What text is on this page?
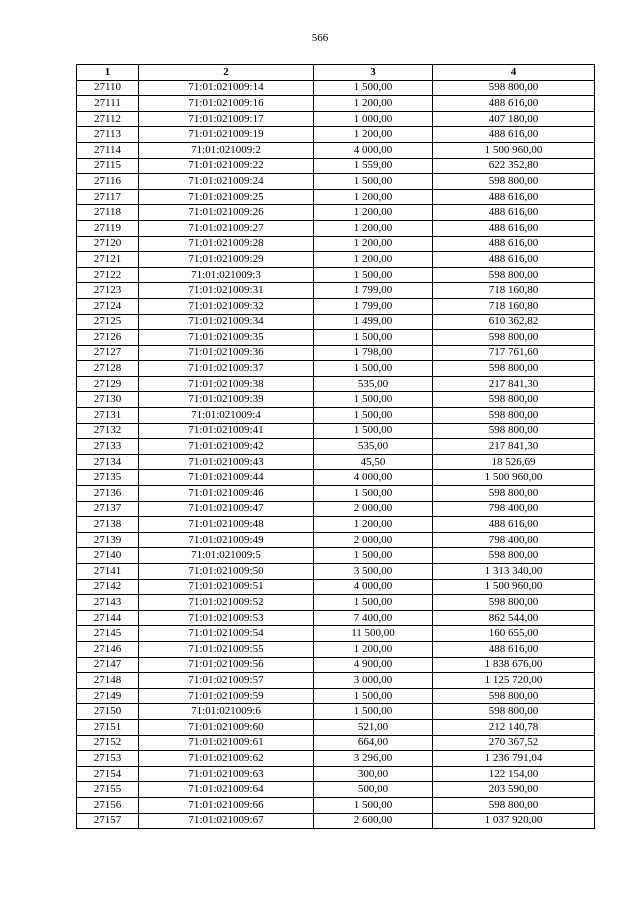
566
1	2	3	4
27110	71:01:021009:14	1 500,00	598 800,00
27111	71:01:021009:16	1 200,00	488 616,00
27112	71:01:021009:17	1 000,00	407 180,00
27113	71:01:021009:19	1 200,00	488 616,00
27114	71:01:021009:2	4 000,00	1 500 960,00
27115	71:01:021009:22	1 559,00	622 352,80
27116	71:01:021009:24	1 500,00	598 800,00
27117	71:01:021009:25	1 200,00	488 616,00
27118	71:01:021009:26	1 200,00	488 616,00
27119	71:01:021009:27	1 200,00	488 616,00
27120	71:01:021009:28	1 200,00	488 616,00
27121	71:01:021009:29	1 200,00	488 616,00
27122	71:01:021009:3	1 500,00	598 800,00
27123	71:01:021009:31	1 799,00	718 160,80
27124	71:01:021009:32	1 799,00	718 160,80
27125	71:01:021009:34	1 499,00	610 362,82
27126	71:01:021009:35	1 500,00	598 800,00
27127	71:01:021009:36	1 798,00	717 761,60
27128	71:01:021009:37	1 500,00	598 800,00
27129	71:01:021009:38	535,00	217 841,30
27130	71:01:021009:39	1 500,00	598 800,00
27131	71:01:021009:4	1 500,00	598 800,00
27132	71:01:021009:41	1 500,00	598 800,00
27133	71:01:021009:42	535,00	217 841,30
27134	71:01:021009:43	45,50	18 526,69
27135	71:01:021009:44	4 000,00	1 500 960,00
27136	71:01:021009:46	1 500,00	598 800,00
27137	71:01:021009:47	2 000,00	798 400,00
27138	71:01:021009:48	1 200,00	488 616,00
27139	71:01:021009:49	2 000,00	798 400,00
27140	71:01:021009:5	1 500,00	598 800,00
27141	71:01:021009:50	3 500,00	1 313 340,00
27142	71:01:021009:51	4 000,00	1 500 960,00
27143	71:01:021009:52	1 500,00	598 800,00
27144	71:01:021009:53	7 400,00	862 544,00
27145	71:01:021009:54	11 500,00	160 655,00
27146	71:01:021009:55	1 200,00	488 616,00
27147	71:01:021009:56	4 900,00	1 838 676,00
27148	71:01:021009:57	3 000,00	1 125 720,00
27149	71:01:021009:59	1 500,00	598 800,00
27150	71:01:021009:6	1 500,00	598 800,00
27151	71:01:021009:60	521,00	212 140,78
27152	71:01:021009:61	664,00	270 367,52
27153	71:01:021009:62	3 296,00	1 236 791,04
27154	71:01:021009:63	300,00	122 154,00
27155	71:01:021009:64	500,00	203 590,00
27156	71:01:021009:66	1 500,00	598 800,00
27157	71:01:021009:67	2 600,00	1 037 920,00
